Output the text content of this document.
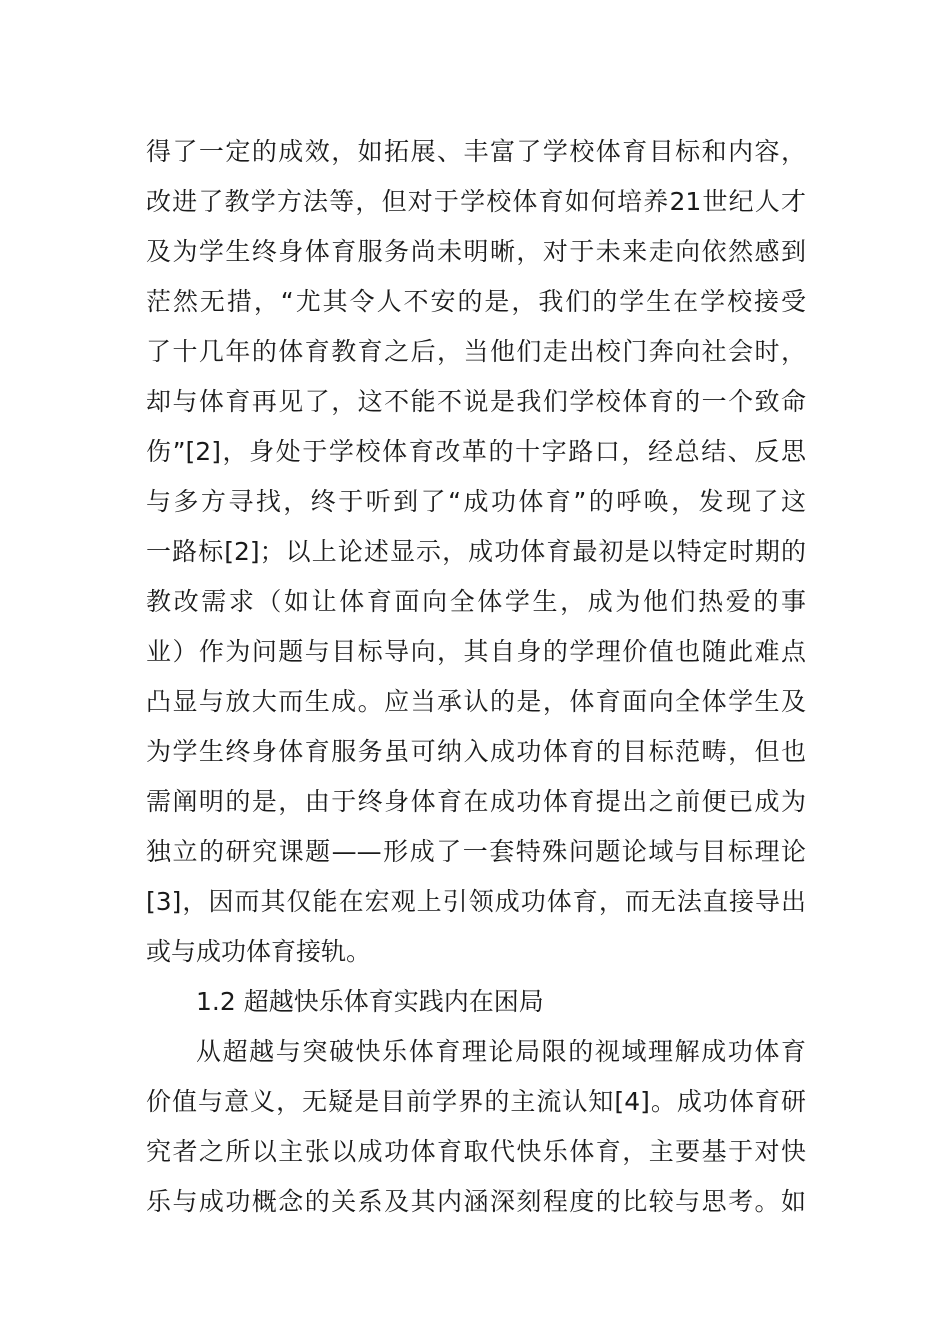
得了一定的成效，如拓展、丰富了学校体育目标和内容，
改进了教学方法等，但对于学校体育如何培养21世纪人才
及为学生终身体育服务尚未明晰，对于未来走向依然感到
茫然无措，“尤其令人不安的是，我们的学生在学校接受
了十几年的体育教育之后，当他们走出校门奔向社会时，
却与体育再见了，这不能不说是我们学校体育的一个致命
伤”[2]，身处于学校体育改革的十字路口，经总结、反思
与多方寻找，终于听到了“成功体育”的呼唤，发现了这
一路标[2]；以上论述显示，成功体育最初是以特定时期的
教改需求（如让体育面向全体学生，成为他们热爱的事
业）作为问题与目标导向，其自身的学理价值也随此难点
凸显与放大而生成。应当承认的是，体育面向全体学生及
为学生终身体育服务虽可纳入成功体育的目标范畴，但也
需阐明的是，由于终身体育在成功体育提出之前便已成为
独立的研究课题——形成了一套特殊问题论域与目标理论
[3]，因而其仅能在宏观上引领成功体育，而无法直接导出
或与成功体育接轨。
1.2 超越快乐体育实践内在困局
从超越与突破快乐体育理论局限的视域理解成功体育
价值与意义，无疑是目前学界的主流认知[4]。成功体育研
究者之所以主张以成功体育取代快乐体育，主要基于对快
乐与成功概念的关系及其内涵深刻程度的比较与思考。如
